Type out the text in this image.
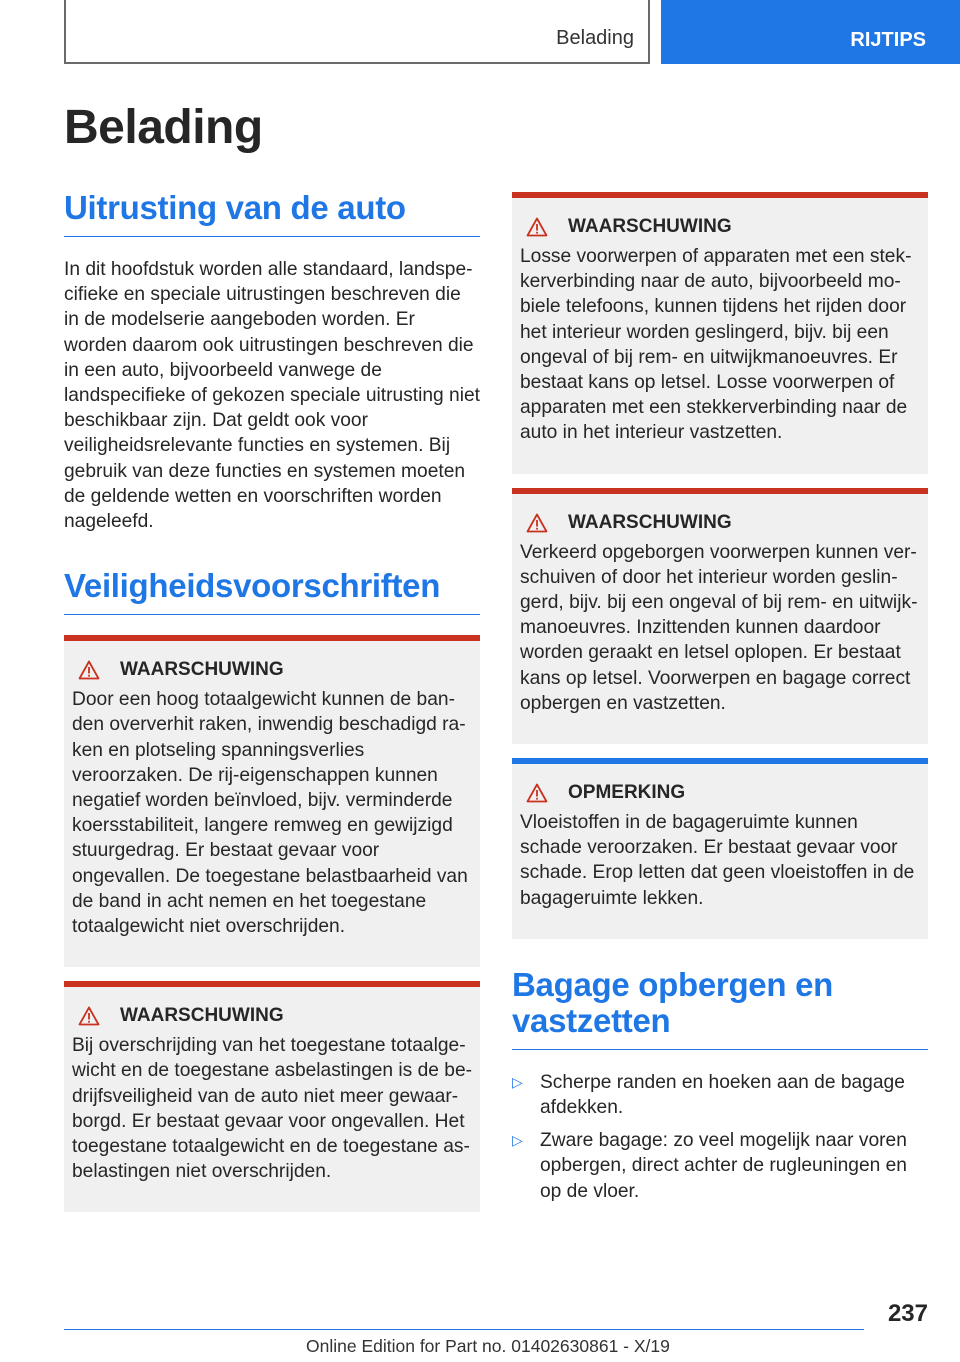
Belading	RIJTIPS
Belading
Uitrusting van de auto

In dit hoofdstuk worden alle standaard, landspecifieke en speciale uitrustingen beschreven die in de modelserie aangeboden worden. Er worden daarom ook uitrustingen beschreven die in een auto, bijvoorbeeld vanwege de landspecifieke of gekozen speciale uitrusting niet beschikbaar zijn. Dat geldt ook voor veiligheidsrelevante functies en systemen. Bij gebruik van deze functies en systemen moeten de geldende wetten en voorschriften worden nageleefd.

Veiligheidsvoorschriften
WAARSCHUWING

Door een hoog totaalgewicht kunnen de banden oververhit raken, inwendig beschadigd raken en plotseling spanningsverlies veroorzaken. De rij-eigenschappen kunnen negatief worden beïnvloed, bijv. verminderde koersstabiliteit, langere remweg en gewijzigd stuurgedrag. Er bestaat gevaar voor ongevallen. De toegestane belastbaarheid van de band in acht nemen en het toegestane totaalgewicht niet overschrijden.

WAARSCHUWING

Bij overschrijding van het toegestane totaalgewicht en de toegestane asbelastingen is de bedrijfsveiligheid van de auto niet meer gewaarborgd. Er bestaat gevaar voor ongevallen. Het toegestane totaalgewicht en de toegestane asbelastingen niet overschrijden.

WAARSCHUWING

Losse voorwerpen of apparaten met een stekkerverbinding naar de auto, bijvoorbeeld mobiele telefoons, kunnen tijdens het rijden door het interieur worden geslingerd, bijv. bij een ongeval of bij rem- en uitwijkmanoeuvres. Er bestaat kans op letsel. Losse voorwerpen of apparaten met een stekkerverbinding naar de auto in het interieur vastzetten.

WAARSCHUWING

Verkeerd opgeborgen voorwerpen kunnen verschuiven of door het interieur worden geslingerd, bijv. bij een ongeval of bij rem- en uitwijkmanoeuvres. Inzittenden kunnen daardoor worden geraakt en letsel oplopen. Er bestaat kans op letsel. Voorwerpen en bagage correct opbergen en vastzetten.

OPMERKING

Vloeistoffen in de bagageruimte kunnen schade veroorzaken. Er bestaat gevaar voor schade. Erop letten dat geen vloeistoffen in de bagageruimte lekken.

Bagage opbergen en vastzetten
▷ Scherpe randen en hoeken aan de bagage afdekken.
▷ Zware bagage: zo veel mogelijk naar voren opbergen, direct achter de rugleuningen en op de vloer.
237
Online Edition for Part no. 01402630861 - X/19
